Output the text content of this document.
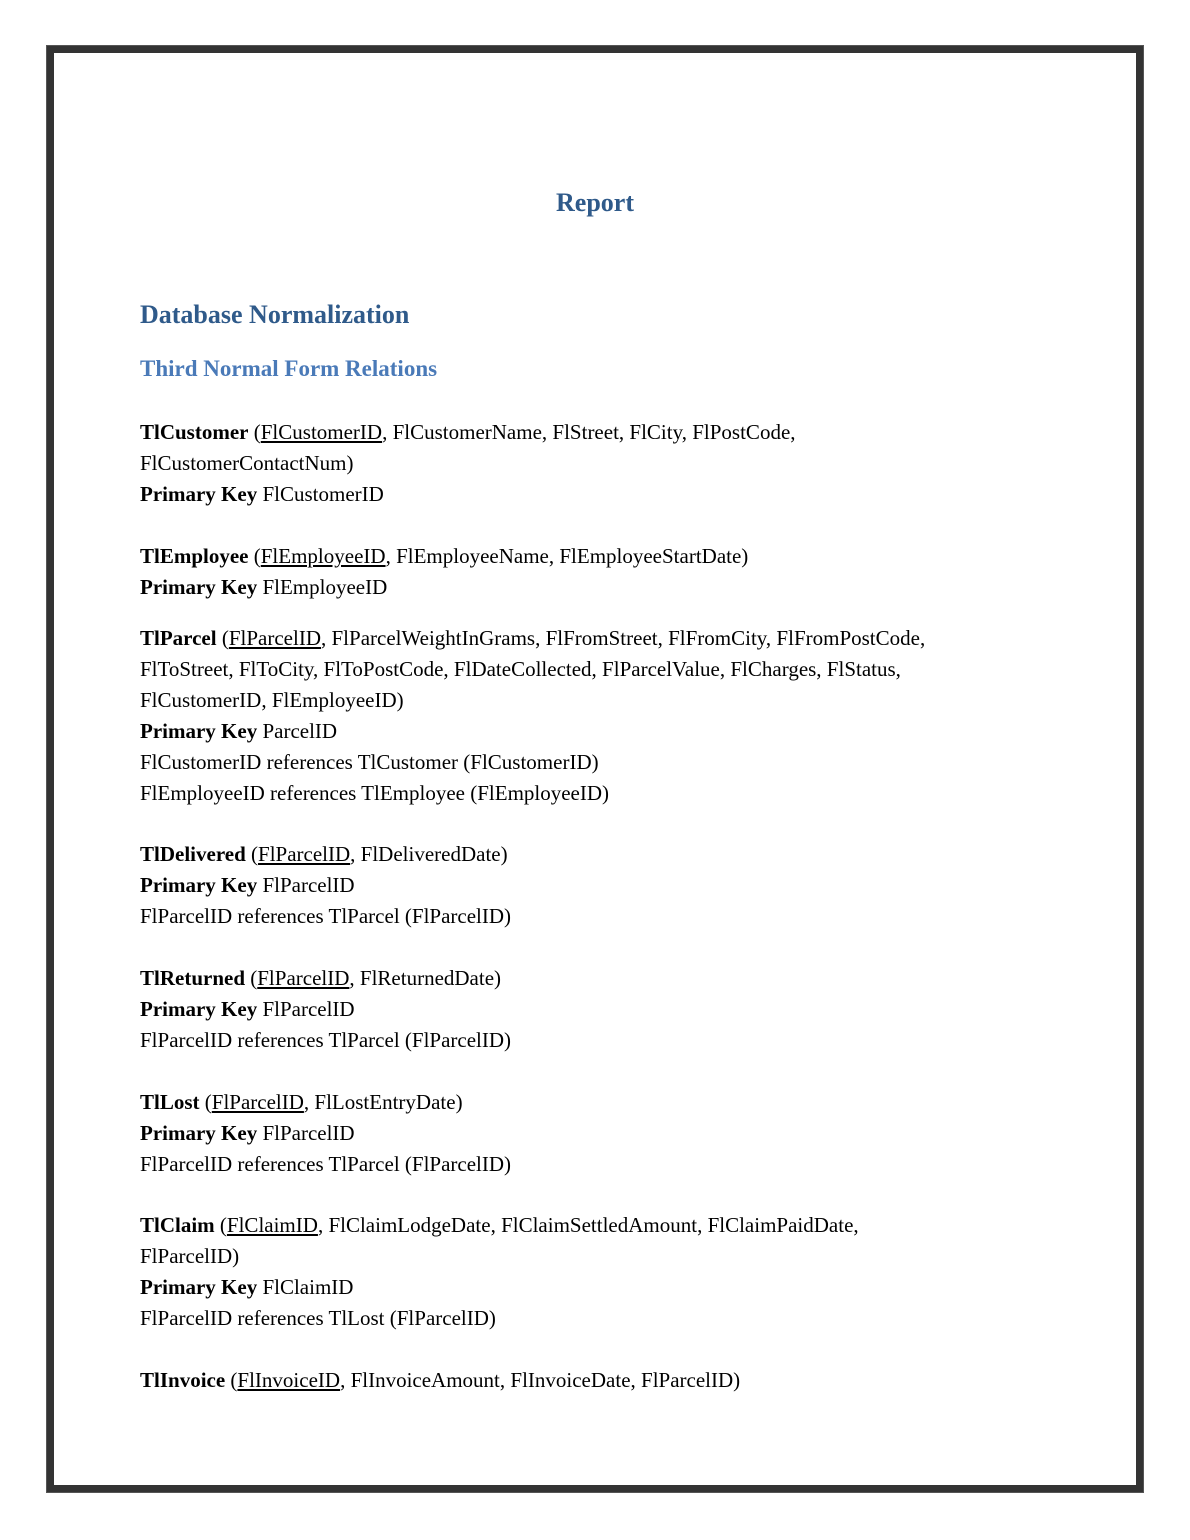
Report
Database Normalization
Third Normal Form Relations
TlCustomer (FlCustomerID, FlCustomerName, FlStreet, FlCity, FlPostCode,
FlCustomerContactNum)
Primary Key FlCustomerID
TlEmployee (FlEmployeeID, FlEmployeeName, FlEmployeeStartDate)
Primary Key FlEmployeeID
TlParcel (FlParcelID, FlParcelWeightInGrams, FlFromStreet, FlFromCity, FlFromPostCode,
FlToStreet, FlToCity, FlToPostCode, FlDateCollected, FlParcelValue, FlCharges, FlStatus,
FlCustomerID, FlEmployeeID)
Primary Key ParcelID
FlCustomerID references TlCustomer (FlCustomerID)
FlEmployeeID references TlEmployee (FlEmployeeID)
TlDelivered (FlParcelID, FlDeliveredDate)
Primary Key FlParcelID
FlParcelID references TlParcel (FlParcelID)
TlReturned (FlParcelID, FlReturnedDate)
Primary Key FlParcelID
FlParcelID references TlParcel (FlParcelID)
TlLost (FlParcelID, FlLostEntryDate)
Primary Key FlParcelID
FlParcelID references TlParcel (FlParcelID)
TlClaim (FlClaimID, FlClaimLodgeDate, FlClaimSettledAmount, FlClaimPaidDate,
FlParcelID)
Primary Key FlClaimID
FlParcelID references TlLost (FlParcelID)
TlInvoice (FlInvoiceID, FlInvoiceAmount, FlInvoiceDate, FlParcelID)
